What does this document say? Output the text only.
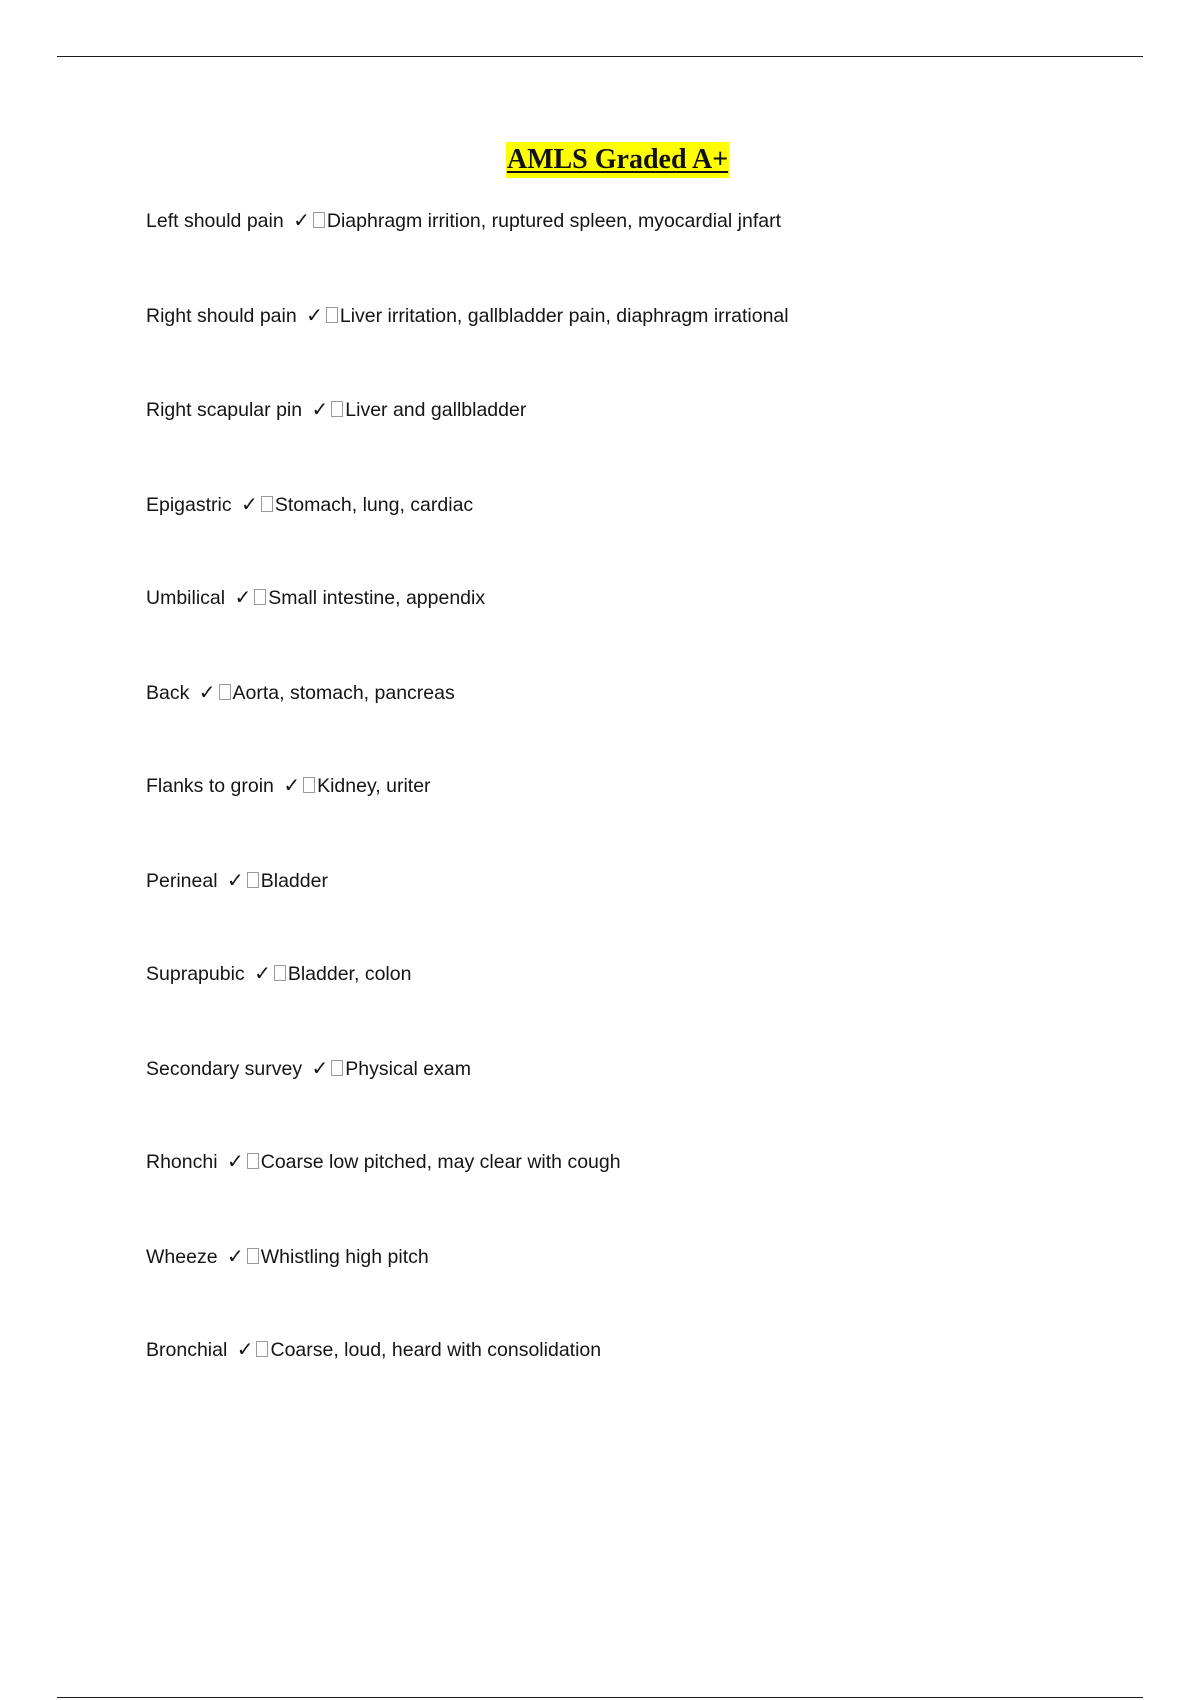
AMLS Graded A+
Left should pain ✓ Diaphragm irrition, ruptured spleen, myocardial jnfart
Right should pain ✓ Liver irritation, gallbladder pain, diaphragm irrational
Right scapular pin ✓ Liver and gallbladder
Epigastric ✓ Stomach, lung, cardiac
Umbilical ✓ Small intestine, appendix
Back ✓ Aorta, stomach, pancreas
Flanks to groin ✓ Kidney, uriter
Perineal ✓ Bladder
Suprapubic ✓ Bladder, colon
Secondary survey ✓ Physical exam
Rhonchi ✓ Coarse low pitched, may clear with cough
Wheeze ✓ Whistling high pitch
Bronchial ✓ Coarse, loud, heard with consolidation
